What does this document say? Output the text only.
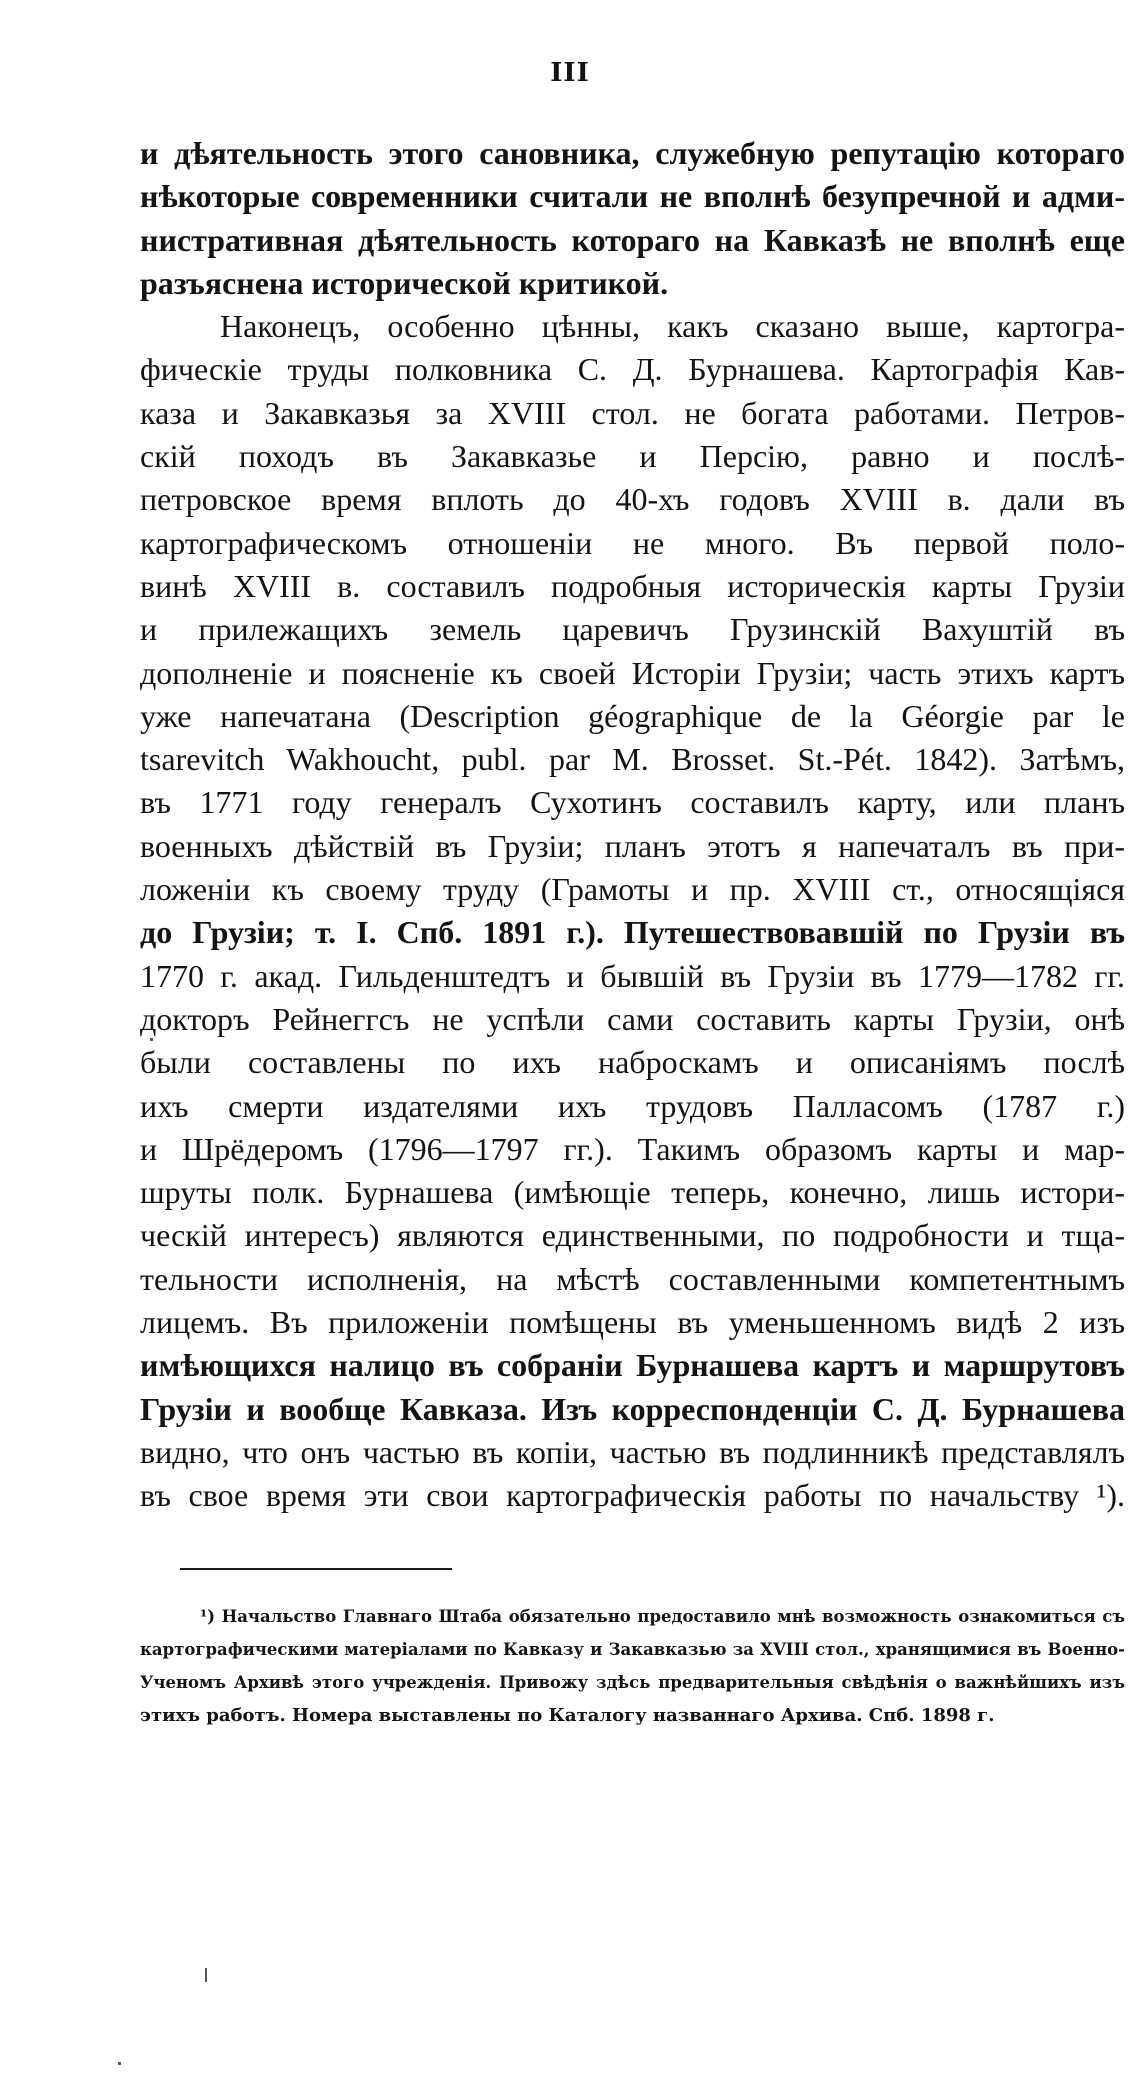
III
и дѣятельность этого сановника, служебную репутацію котораго
нѣкоторые современники считали не вполнѣ безупречной и адми-
нистративная дѣятельность котораго на Кавказѣ не вполнѣ еще
разъяснена исторической критикой.
Наконецъ, особенно цѣнны, какъ сказано выше, картогра-
фическіе труды полковника С. Д. Бурнашева. Картографія Кав-
каза и Закавказья за XVIII стол. не богата работами. Петров-
скій походъ въ Закавказье и Персію, равно и послѣ-
петровское время вплоть до 40-хъ годовъ XVIII в. дали въ
картографическомъ отношеніи не много. Въ первой поло-
винѣ XVIII в. составилъ подробныя историческія карты Грузіи
и прилежащихъ земель царевичъ Грузинскій Вахуштій въ
дополненіе и поясненіе къ своей Исторіи Грузіи; часть этихъ картъ
уже напечатана (Description géographique de la Géorgie par le
tsarevitch Wakhoucht, publ. par M. Brosset. St.-Pét. 1842). Затѣмъ,
въ 1771 году генералъ Сухотинъ составилъ карту, или планъ
военныхъ дѣйствій въ Грузіи; планъ этотъ я напечаталъ въ при-
ложеніи къ своему труду (Грамоты и пр. XVIII ст., относящіяся
до Грузіи; т. I. Спб. 1891 г.). Путешествовавшій по Грузіи въ
1770 г. акад. Гильденштедтъ и бывшій въ Грузіи въ 1779—1782 гг.
докторъ Рейнеггсъ не успѣли сами составить карты Грузіи, онѣ
были составлены по ихъ наброскамъ и описаніямъ послѣ
ихъ смерти издателями ихъ трудовъ Палласомъ (1787 г.)
и Шрёдеромъ (1796—1797 гг.). Такимъ образомъ карты и мар-
шруты полк. Бурнашева (имѣющіе теперь, конечно, лишь истори-
ческій интересъ) являются единственными, по подробности и тща-
тельности исполненія, на мѣстѣ составленными компетентнымъ
лицемъ. Въ приложеніи помѣщены въ уменьшенномъ видѣ 2 изъ
имѣющихся налицо въ собраніи Бурнашева картъ и маршрутовъ
Грузіи и вообще Кавказа. Изъ корреспонденціи С. Д. Бурнашева
видно, что онъ частью въ копіи, частью въ подлинникѣ представлялъ
въ свое время эти свои картографическія работы по начальству ¹).
¹) Начальство Главнаго Штаба обязательно предоставило мнѣ возможность ознакомиться съ
картографическими матеріалами по Кавказу и Закавказью за XVIII стол., хранящимися въ Военно-
Ученомъ Архивѣ этого учрежденія. Привожу здѣсь предварительныя свѣдѣнія о важнѣйшихъ изъ
этихъ работъ. Номера выставлены по Каталогу названнаго Архива. Спб. 1898 г.
